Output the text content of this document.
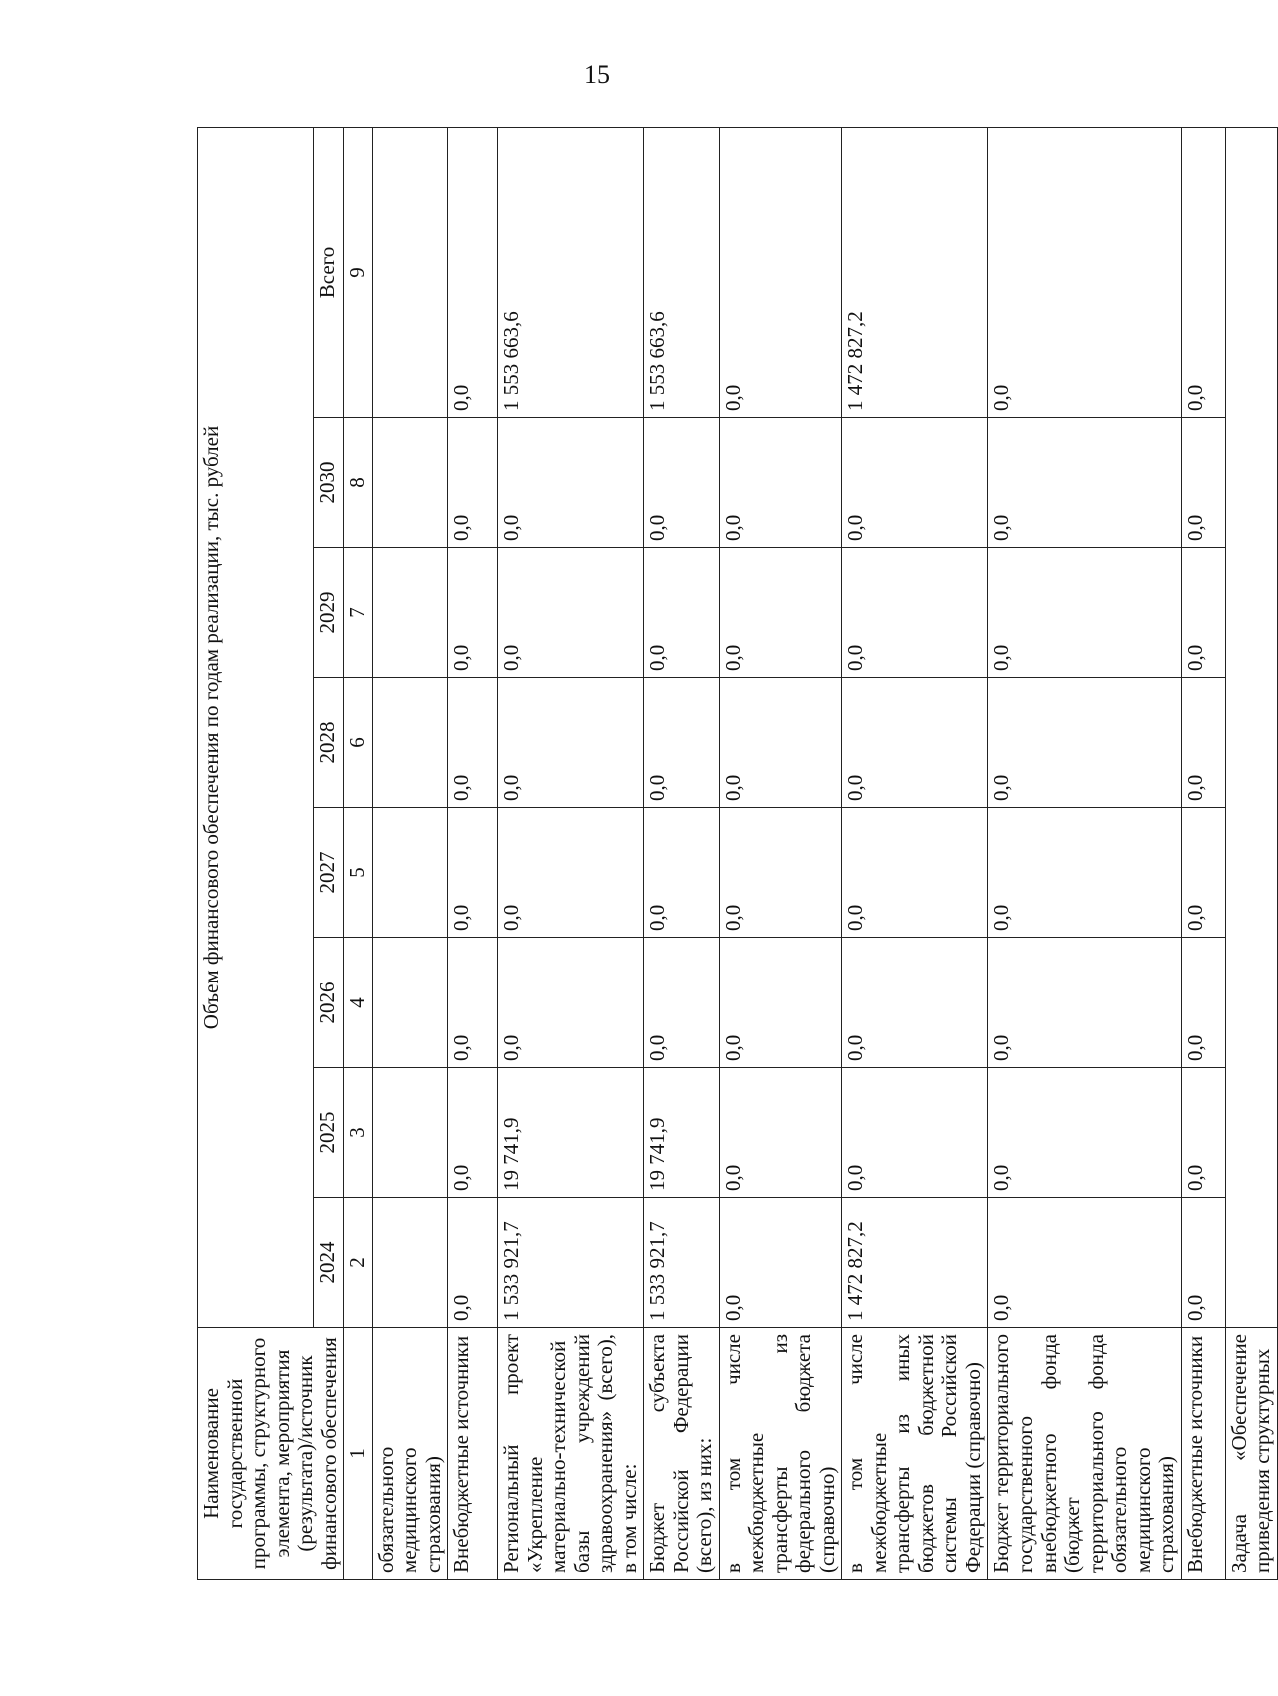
15
Наименование государственной программы, структурного элемента, мероприятия (результата)/источник финансового обеспечения	Объем финансового обеспечения по годам реализации, тыс. рублей							
	2024	2025	2026	2027	2028	2029	2030	Всего
1	2	3	4	5	6	7	8	9
обязательного медицинского страхования)								
Внебюджетные источники	0,0	0,0	0,0	0,0	0,0	0,0	0,0	0,0
Региональный проект «Укрепление материально-технической базы учреждений здравоохранения» (всего), в том числе:	1 533 921,7	19 741,9	0,0	0,0	0,0	0,0	0,0	1 553 663,6
Бюджет субъекта Российской Федерации (всего), из них:	1 533 921,7	19 741,9	0,0	0,0	0,0	0,0	0,0	1 553 663,6
в том числе межбюджетные трансферты из федерального бюджета (справочно)	0,0	0,0	0,0	0,0	0,0	0,0	0,0	0,0
в том числе межбюджетные трансферты из иных бюджетов бюджетной системы Российской Федерации (справочно)	1 472 827,2	0,0	0,0	0,0	0,0	0,0	0,0	1 472 827,2
Бюджет территориального государственного внебюджетного фонда (бюджет территориального фонда обязательного медицинского страхования)	0,0	0,0	0,0	0,0	0,0	0,0	0,0	0,0
Внебюджетные источники	0,0	0,0	0,0	0,0	0,0	0,0	0,0	0,0
Задача «Обеспечение приведения структурных								
